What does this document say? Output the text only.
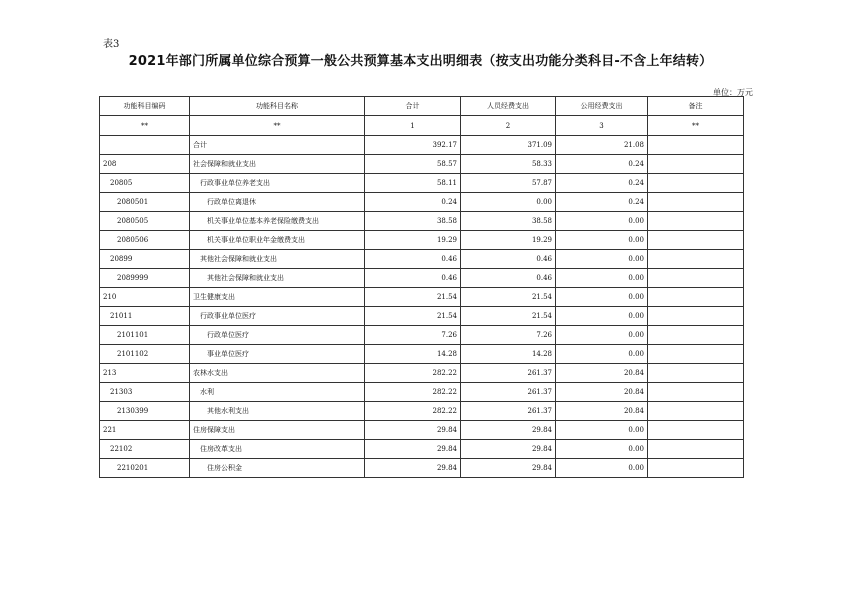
表3
2021年部门所属单位综合预算一般公共预算基本支出明细表（按支出功能分类科目-不含上年结转）
单位：万元
功能科目编码	功能科目名称	合计	人员经费支出	公用经费支出	备注
**	**	1	2	3	**
	合计	392.17	371.09	21.08	
208	社会保障和就业支出	58.57	58.33	0.24	
20805	行政事业单位养老支出	58.11	57.87	0.24	
2080501	行政单位离退休	0.24	0.00	0.24	
2080505	机关事业单位基本养老保险缴费支出	38.58	38.58	0.00	
2080506	机关事业单位职业年金缴费支出	19.29	19.29	0.00	
20899	其他社会保障和就业支出	0.46	0.46	0.00	
2089999	其他社会保障和就业支出	0.46	0.46	0.00	
210	卫生健康支出	21.54	21.54	0.00	
21011	行政事业单位医疗	21.54	21.54	0.00	
2101101	行政单位医疗	7.26	7.26	0.00	
2101102	事业单位医疗	14.28	14.28	0.00	
213	农林水支出	282.22	261.37	20.84	
21303	水利	282.22	261.37	20.84	
2130399	其他水利支出	282.22	261.37	20.84	
221	住房保障支出	29.84	29.84	0.00	
22102	住房改革支出	29.84	29.84	0.00	
2210201	住房公积金	29.84	29.84	0.00	
